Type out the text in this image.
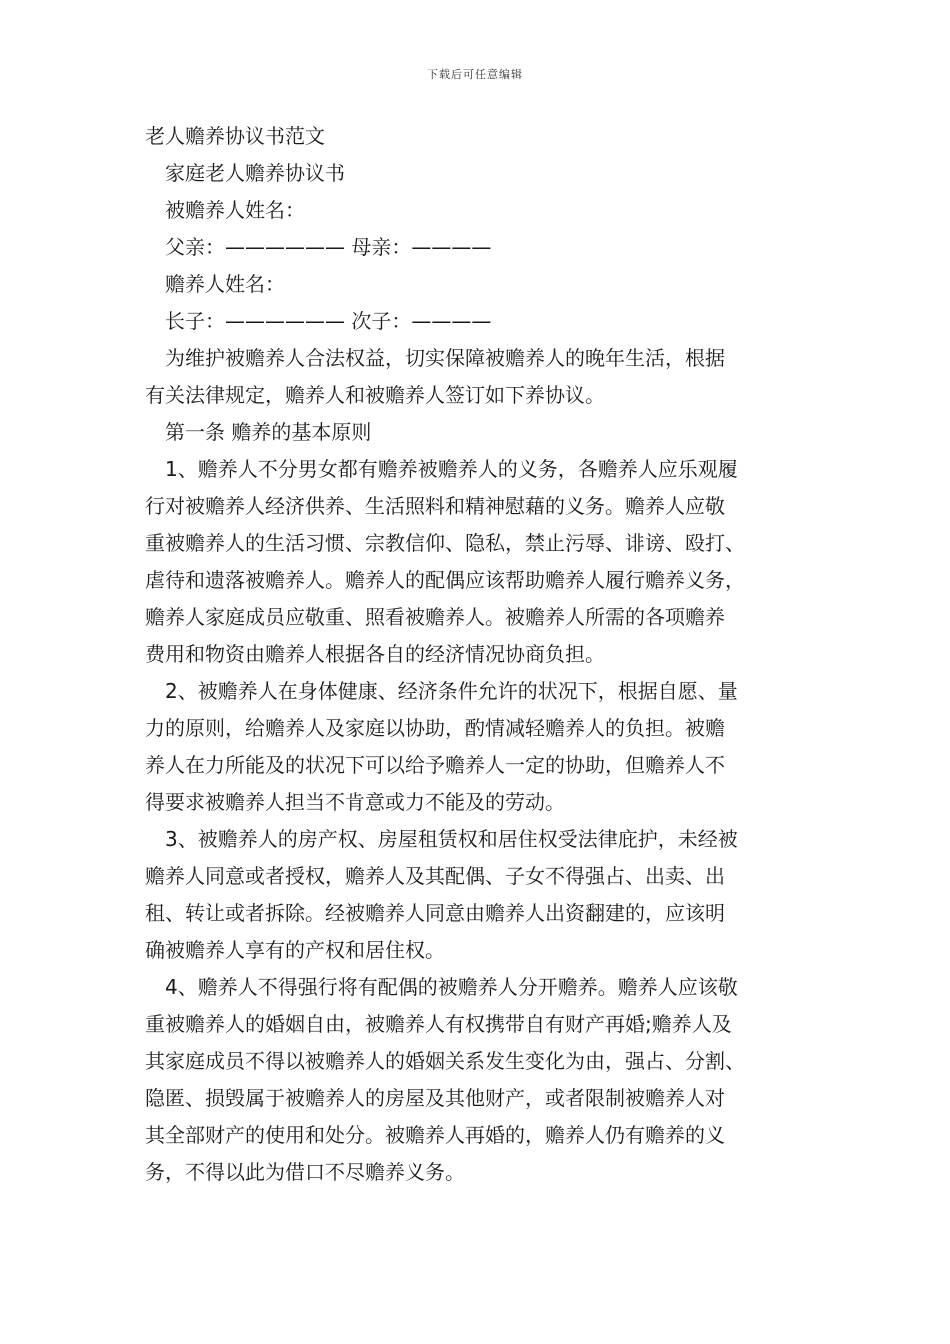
下载后可任意编辑
老人赡养协议书范文
家庭老人赡养协议书
被赡养人姓名：
父亲：—————— 母亲：————
赡养人姓名：
长子：—————— 次子：————
为维护被赡养人合法权益，切实保障被赡养人的晚年生活，根据
有关法律规定，赡养人和被赡养人签订如下养协议。
第一条 赡养的基本原则
1、赡养人不分男女都有赡养被赡养人的义务，各赡养人应乐观履
行对被赡养人经济供养、生活照料和精神慰藉的义务。赡养人应敬
重被赡养人的生活习惯、宗教信仰、隐私，禁止污辱、诽谤、殴打、
虐待和遗落被赡养人。赡养人的配偶应该帮助赡养人履行赡养义务，
赡养人家庭成员应敬重、照看被赡养人。被赡养人所需的各项赡养
费用和物资由赡养人根据各自的经济情况协商负担。
2、被赡养人在身体健康、经济条件允许的状况下，根据自愿、量
力的原则，给赡养人及家庭以协助，酌情减轻赡养人的负担。被赡
养人在力所能及的状况下可以给予赡养人一定的协助，但赡养人不
得要求被赡养人担当不肯意或力不能及的劳动。
3、被赡养人的房产权、房屋租赁权和居住权受法律庇护，未经被
赡养人同意或者授权，赡养人及其配偶、子女不得强占、出卖、出
租、转让或者拆除。经被赡养人同意由赡养人出资翻建的，应该明
确被赡养人享有的产权和居住权。
4、赡养人不得强行将有配偶的被赡养人分开赡养。赡养人应该敬
重被赡养人的婚姻自由，被赡养人有权携带自有财产再婚;赡养人及
其家庭成员不得以被赡养人的婚姻关系发生变化为由，强占、分割、
隐匿、损毁属于被赡养人的房屋及其他财产，或者限制被赡养人对
其全部财产的使用和处分。被赡养人再婚的，赡养人仍有赡养的义
务，不得以此为借口不尽赡养义务。
